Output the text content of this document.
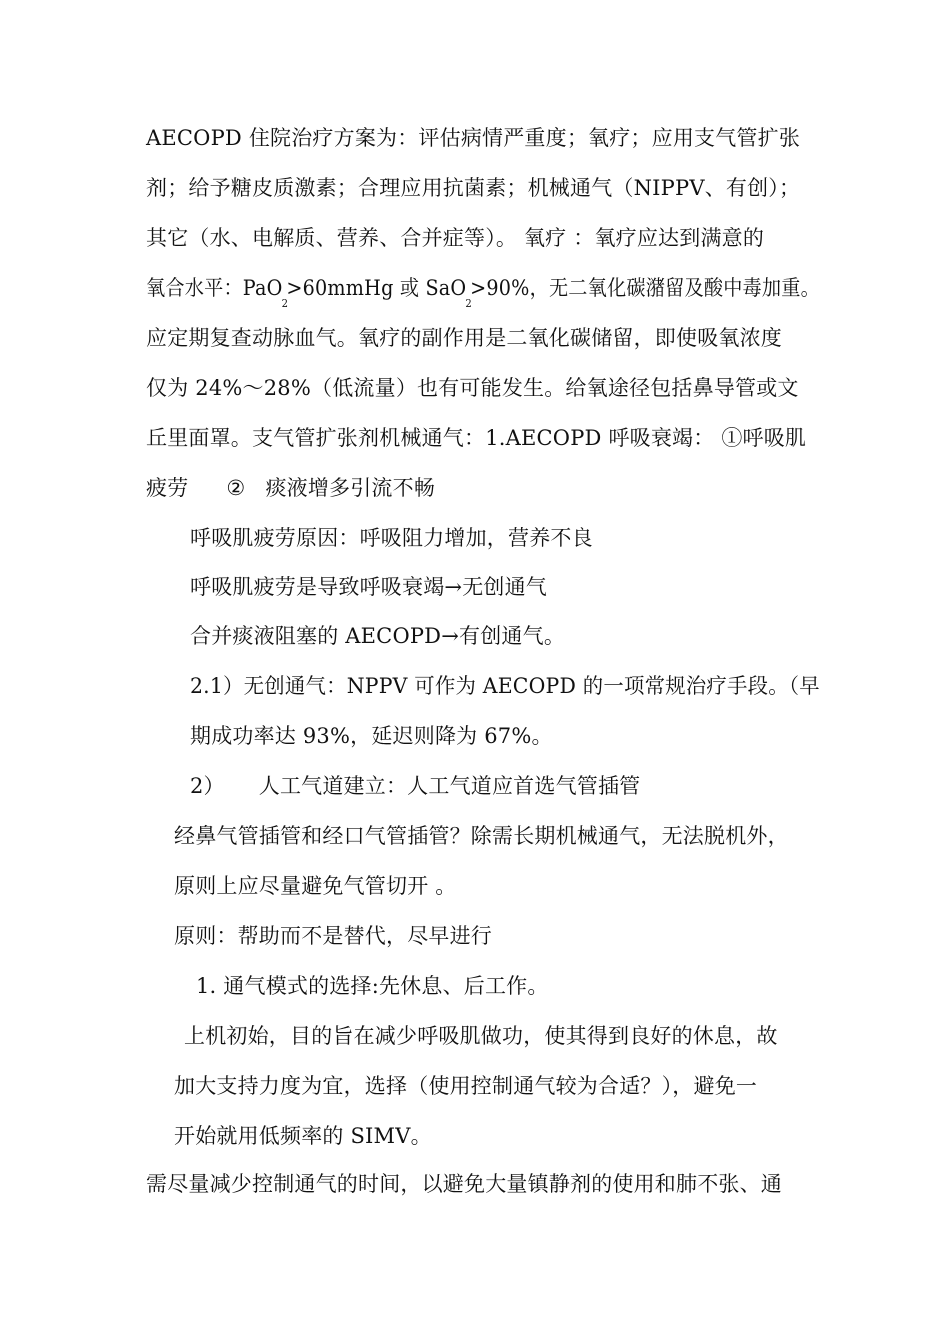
AECOPD 住院治疗方案为：评估病情严重度；氧疗；应用支气管扩张
剂；给予糖皮质激素；合理应用抗菌素；机械通气（NIPPV、有创）；
其它（水、电解质、营养、合并症等）。 氧疗 ：氧疗应达到满意的
氧合水平：PaO$_2$>60mmHg 或 SaO$_2$>90%，无二氧化碳潴留及酸中毒加重。
应定期复查动脉血气。氧疗的副作用是二氧化碳储留，即使吸氧浓度
仅为 24%～28%（低流量）也有可能发生。给氧途径包括鼻导管或文
丘里面罩。支气管扩张剂机械通气：1.AECOPD 呼吸衰竭： ①呼吸肌
疲劳 ② 痰液增多引流不畅
呼吸肌疲劳原因：呼吸阻力增加，营养不良
呼吸肌疲劳是导致呼吸衰竭→无创通气
合并痰液阻塞的 AECOPD→有创通气。
2.1）无创通气：NPPV 可作为 AECOPD 的一项常规治疗手段。（早
期成功率达 93%，延迟则降为 67%。
2） 人工气道建立：人工气道应首选气管插管
经鼻气管插管和经口气管插管？除需长期机械通气，无法脱机外，
原则上应尽量避免气管切开 。
原则：帮助而不是替代，尽早进行
1. 通气模式的选择:先休息、后工作。
上机初始，目的旨在减少呼吸肌做功，使其得到良好的休息，故
加大支持力度为宜，选择（使用控制通气较为合适？），避免一
开始就用低频率的 SIMV。
需尽量减少控制通气的时间，以避免大量镇静剂的使用和肺不张、通
